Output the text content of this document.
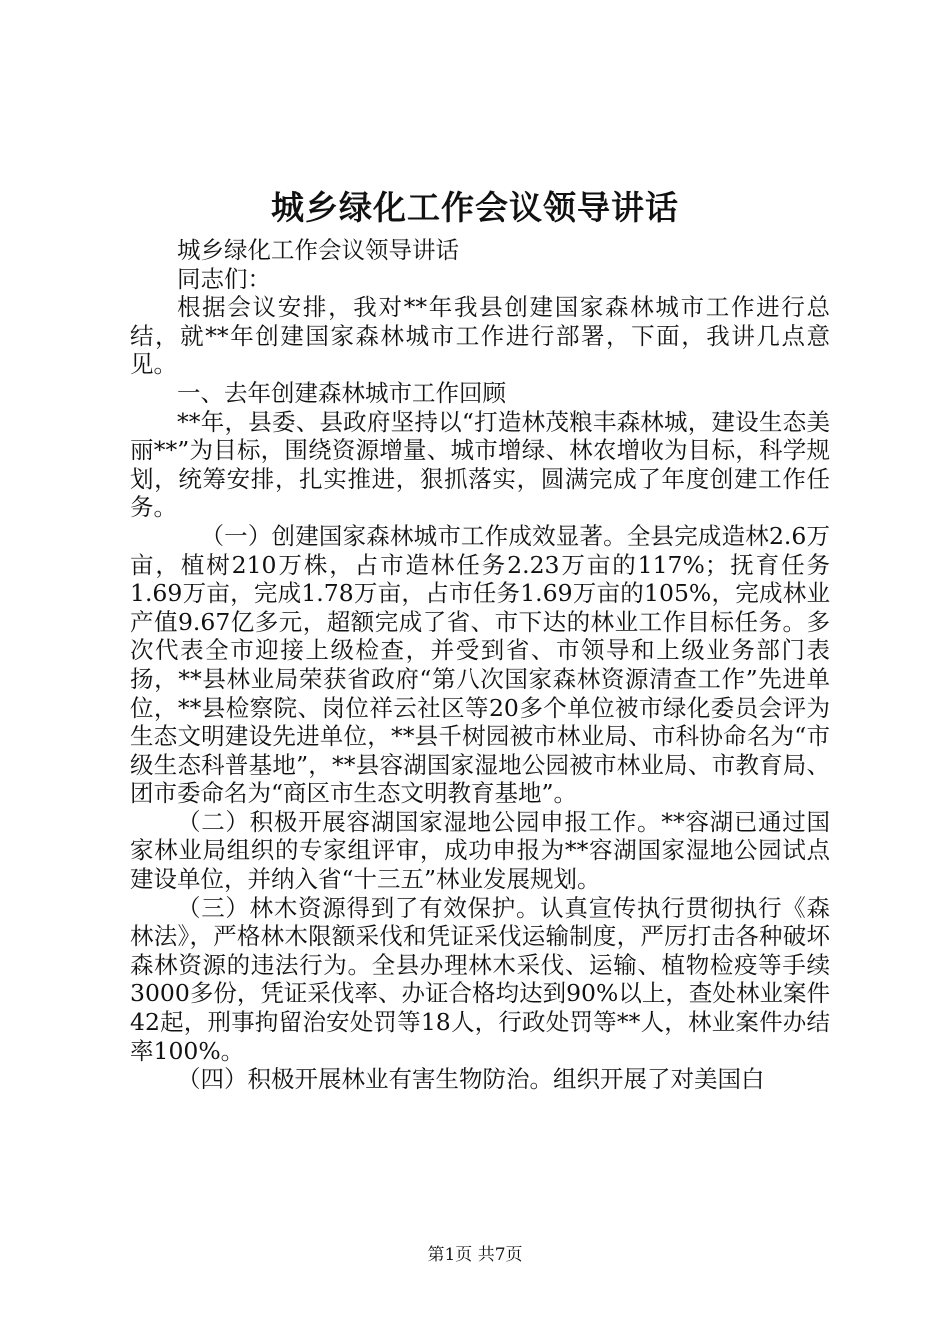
城乡绿化工作会议领导讲话

城乡绿化工作会议领导讲话

同志们：

根据会议安排，我对**年我县创建国家森林城市工作进行总结，就**年创建国家森林城市工作进行部署，下面，我讲几点意见。

一、去年创建森林城市工作回顾

**年，县委、县政府坚持以“打造林茂粮丰森林城，建设生态美丽**”为目标，围绕资源增量、城市增绿、林农增收为目标，科学规划，统筹安排，扎实推进，狠抓落实，圆满完成了年度创建工作任务。

（一）创建国家森林城市工作成效显著。全县完成造林2.6万亩，植树210万株，占市造林任务2.23万亩的117%；抚育任务1.69万亩，完成1.78万亩，占市任务1.69万亩的105%，完成林业产值9.67亿多元，超额完成了省、市下达的林业工作目标任务。多次代表全市迎接上级检查，并受到省、市领导和上级业务部门表扬，**县林业局荣获省政府“第八次国家森林资源清查工作”先进单位，**县检察院、岗位祥云社区等20多个单位被市绿化委员会评为生态文明建设先进单位，**县千树园被市林业局、市科协命名为“市级生态科普基地”，**县容湖国家湿地公园被市林业局、市教育局、团市委命名为“商区市生态文明教育基地”。

（二）积极开展容湖国家湿地公园申报工作。**容湖已通过国家林业局组织的专家组评审，成功申报为**容湖国家湿地公园试点建设单位，并纳入省“十三五”林业发展规划。

（三）林木资源得到了有效保护。认真宣传执行贯彻执行《森林法》，严格林木限额采伐和凭证采伐运输制度，严厉打击各种破坏森林资源的违法行为。全县办理林木采伐、运输、植物检疫等手续3000多份，凭证采伐率、办证合格均达到90%以上，查处林业案件42起，刑事拘留治安处罚等18人，行政处罚等**人，林业案件办结率100%。

（四）积极开展林业有害生物防治。组织开展了对美国白

第1页 共7页
